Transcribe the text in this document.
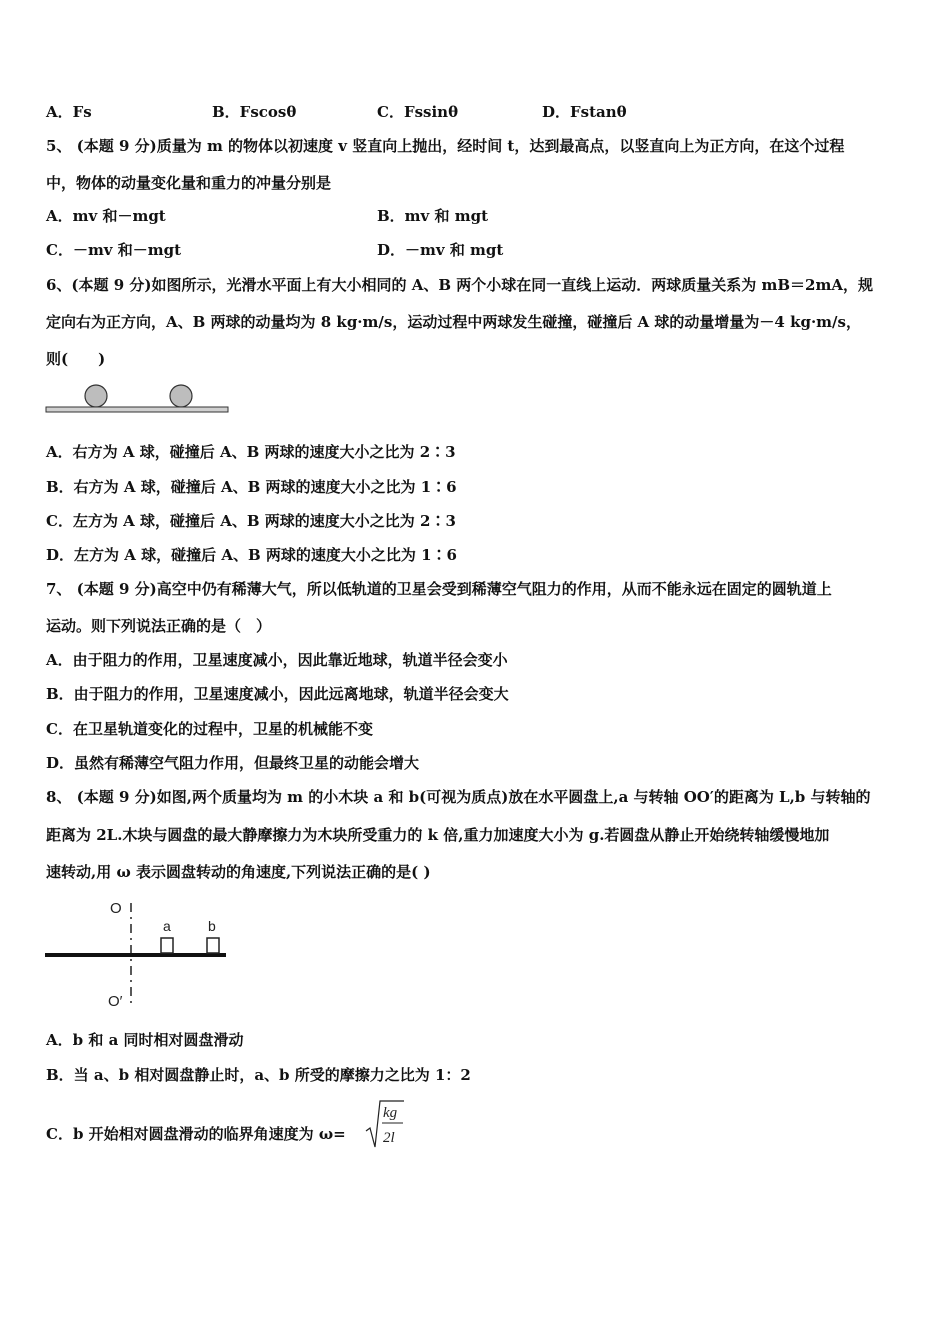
A．Fs	B．Fscosθ	C．Fssinθ	D．Fstanθ
5、 (本题 9 分)质量为 m 的物体以初速度 v 竖直向上抛出，经时间 t，达到最高点，以竖直向上为正方向，在这个过程
中，物体的动量变化量和重力的冲量分别是
A．mv 和－mgt	B．mv 和 mgt
C．－mv 和－mgt	D．－mv 和 mgt
6、(本题 9 分)如图所示，光滑水平面上有大小相同的 A、B 两个小球在同一直线上运动．两球质量关系为 mB＝2mA，规
定向右为正方向，A、B 两球的动量均为 8 kg·m/s，运动过程中两球发生碰撞，碰撞后 A 球的动量增量为－4 kg·m/s，
则(　　)
A．右方为 A 球，碰撞后 A、B 两球的速度大小之比为 2∶3
B．右方为 A 球，碰撞后 A、B 两球的速度大小之比为 1∶6
C．左方为 A 球，碰撞后 A、B 两球的速度大小之比为 2∶3
D．左方为 A 球，碰撞后 A、B 两球的速度大小之比为 1∶6
7、 (本题 9 分)高空中仍有稀薄大气，所以低轨道的卫星会受到稀薄空气阻力的作用，从而不能永远在固定的圆轨道上
运动。则下列说法正确的是（　）
A．由于阻力的作用，卫星速度减小，因此靠近地球，轨道半径会变小
B．由于阻力的作用，卫星速度减小，因此远离地球，轨道半径会变大
C．在卫星轨道变化的过程中，卫星的机械能不变
D．虽然有稀薄空气阻力作用，但最终卫星的动能会增大
8、 (本题 9 分)如图,两个质量均为 m 的小木块 a 和 b(可视为质点)放在水平圆盘上,a 与转轴 OO′的距离为 L,b 与转轴的
距离为 2L.木块与圆盘的最大静摩擦力为木块所受重力的 k 倍,重力加速度大小为 g.若圆盘从静止开始绕转轴缓慢地加
速转动,用 ω 表示圆盘转动的角速度,下列说法正确的是( )
O
O′
a	b
A．b 和 a 同时相对圆盘滑动
B．当 a、b 相对圆盘静止时，a、b 所受的摩擦力之比为 1：2
C．b 开始相对圆盘滑动的临界角速度为 ω=
kg
2l
